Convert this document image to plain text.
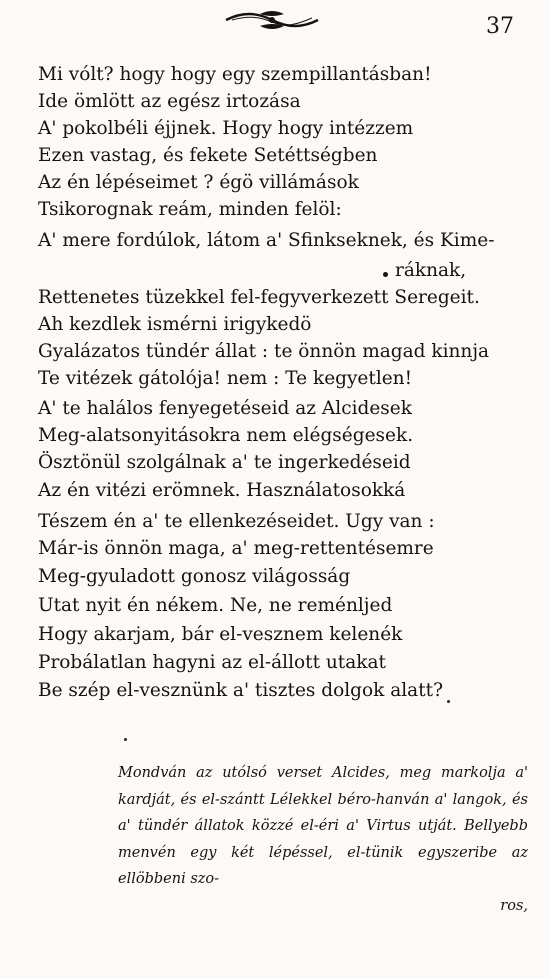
37
Mi vólt? hogy hogy egy szempillantásban!
Ide ömlött az egész irtozása
A' pokolbéli éjjnek. Hogy hogy intézzem
Ezen vastag, és fekete Setéttségben
Az én lépéseimet ? égö villámások
Tsikorognak reám, minden felöl:
A' mere fordúlok, látom a' Sfinkseknek, és Kime-
ráknak,
Rettenetes tüzekkel fel-fegyverkezett Seregeit.
Ah kezdlek ismérni irigykedö
Gyalázatos tündér állat : te önnön magad kinnja
Te vitézek gátolója! nem : Te kegyetlen!
A' te halálos fenyegetéseid az Alcidesek
Meg-alatsonyitásokra nem elégségesek.
Ösztönül szolgálnak a' te ingerkedéseid
Az én vitézi erömnek. Használatosokká
Tészem én a' te ellenkezéseidet. Ugy van :
Már-is önnön maga, a' meg-rettentésemre
Meg-gyuladott gonosz világosság
Utat nyit én nékem. Ne, ne reménljed
Hogy akarjam, bár el-vesznem kelenék
Probálatlan hagyni az el-állott utakat
Be szép el-vesznünk a' tisztes dolgok alatt?
Mondván az utólsó verset Alcides, meg markolja a' kardját, és el-szántt Lélekkel béro-hanván a' langok, és a' tündér állatok közzé el-éri a' Virtus utját. Bellyebb menvén egy két lépéssel, el-tünik egyszeribe az ellöbbeni szo-
ros,
